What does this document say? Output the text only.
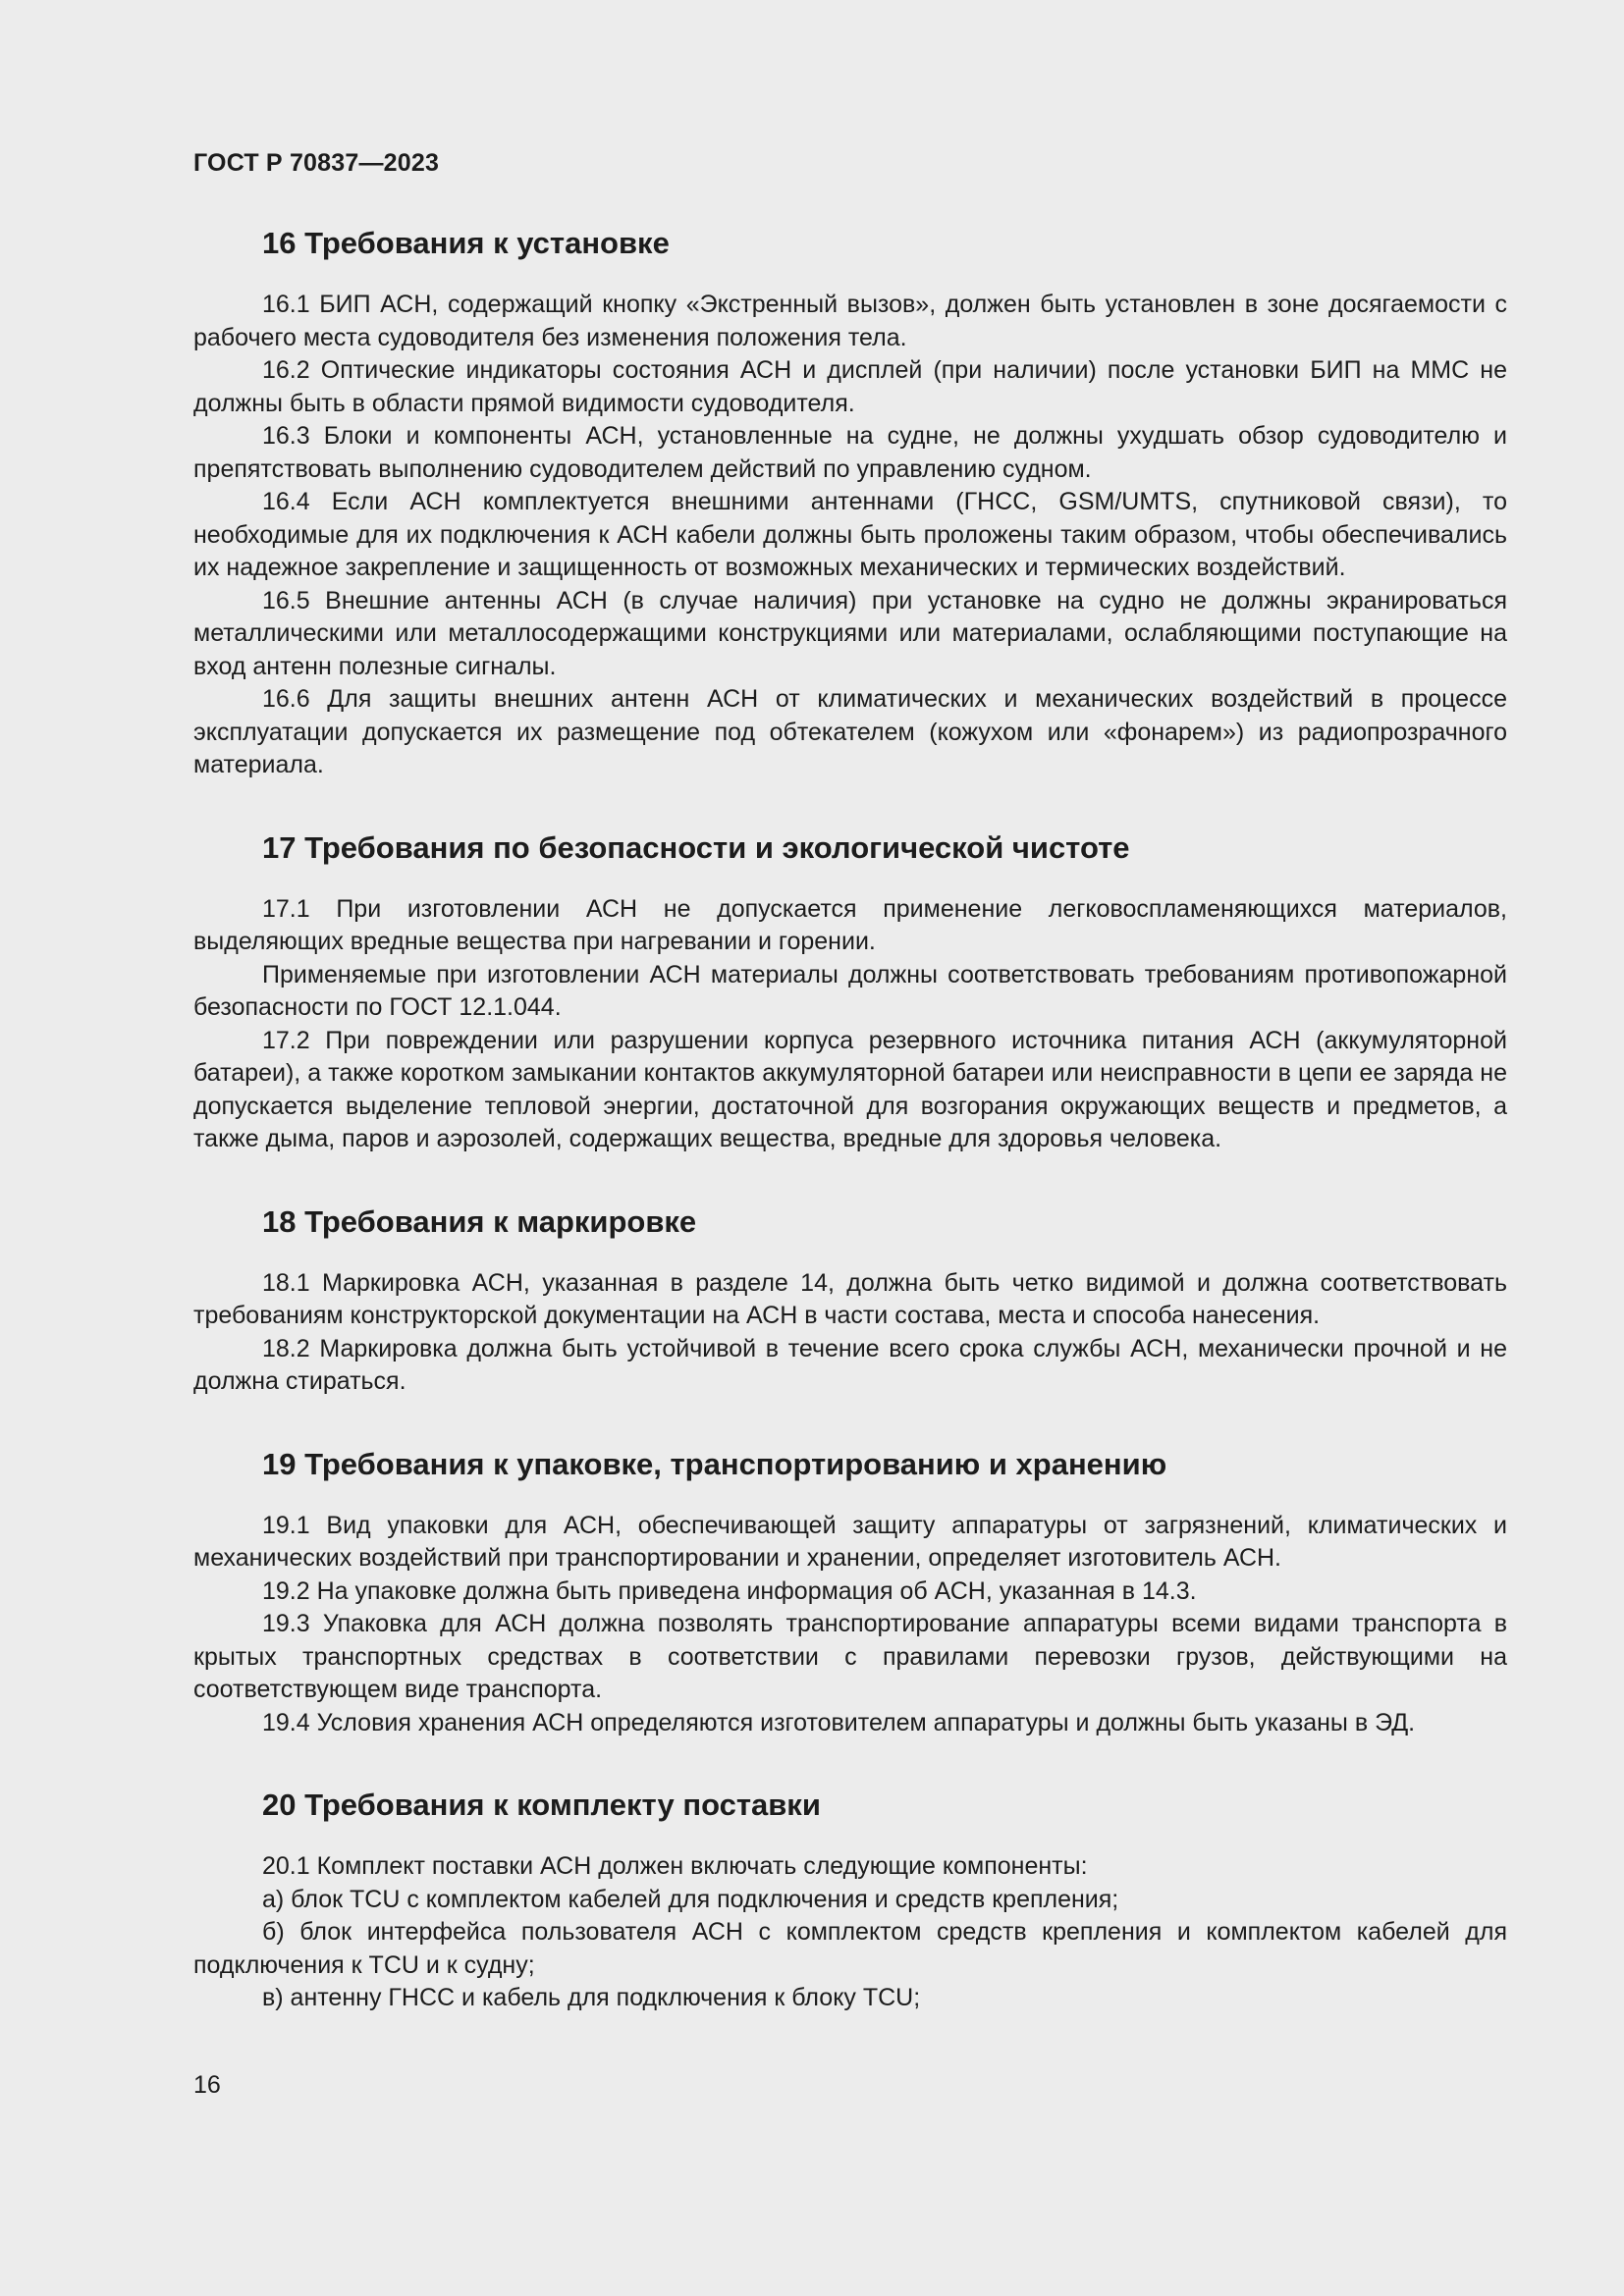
ГОСТ Р 70837—2023
16 Требования к установке

16.1 БИП АСН, содержащий кнопку «Экстренный вызов», должен быть установлен в зоне досягаемости с рабочего места судоводителя без изменения положения тела.

16.2 Оптические индикаторы состояния АСН и дисплей (при наличии) после установки БИП на ММС не должны быть в области прямой видимости судоводителя.

16.3 Блоки и компоненты АСН, установленные на судне, не должны ухудшать обзор судоводителю и препятствовать выполнению судоводителем действий по управлению судном.

16.4 Если АСН комплектуется внешними антеннами (ГНСС, GSM/UMTS, спутниковой связи), то необходимые для их подключения к АСН кабели должны быть проложены таким образом, чтобы обеспечивались их надежное закрепление и защищенность от возможных механических и термических воздействий.

16.5 Внешние антенны АСН (в случае наличия) при установке на судно не должны экранироваться металлическими или металлосодержащими конструкциями или материалами, ослабляющими поступающие на вход антенн полезные сигналы.

16.6 Для защиты внешних антенн АСН от климатических и механических воздействий в процессе эксплуатации допускается их размещение под обтекателем (кожухом или «фонарем») из радиопрозрачного материала.

17 Требования по безопасности и экологической чистоте

17.1 При изготовлении АСН не допускается применение легковоспламеняющихся материалов, выделяющих вредные вещества при нагревании и горении.

Применяемые при изготовлении АСН материалы должны соответствовать требованиям противопожарной безопасности по ГОСТ 12.1.044.

17.2 При повреждении или разрушении корпуса резервного источника питания АСН (аккумуляторной батареи), а также коротком замыкании контактов аккумуляторной батареи или неисправности в цепи ее заряда не допускается выделение тепловой энергии, достаточной для возгорания окружающих веществ и предметов, а также дыма, паров и аэрозолей, содержащих вещества, вредные для здоровья человека.

18 Требования к маркировке

18.1 Маркировка АСН, указанная в разделе 14, должна быть четко видимой и должна соответствовать требованиям конструкторской документации на АСН в части состава, места и способа нанесения.

18.2 Маркировка должна быть устойчивой в течение всего срока службы АСН, механически прочной и не должна стираться.

19 Требования к упаковке, транспортированию и хранению

19.1 Вид упаковки для АСН, обеспечивающей защиту аппаратуры от загрязнений, климатических и механических воздействий при транспортировании и хранении, определяет изготовитель АСН.

19.2 На упаковке должна быть приведена информация об АСН, указанная в 14.3.

19.3 Упаковка для АСН должна позволять транспортирование аппаратуры всеми видами транспорта в крытых транспортных средствах в соответствии с правилами перевозки грузов, действующими на соответствующем виде транспорта.

19.4 Условия хранения АСН определяются изготовителем аппаратуры и должны быть указаны в ЭД.

20 Требования к комплекту поставки

20.1 Комплект поставки АСН должен включать следующие компоненты:

а) блок TCU с комплектом кабелей для подключения и средств крепления;

б) блок интерфейса пользователя АСН с комплектом средств крепления и комплектом кабелей для подключения к TCU и к судну;

в) антенну ГНСС и кабель для подключения к блоку TCU;

16
